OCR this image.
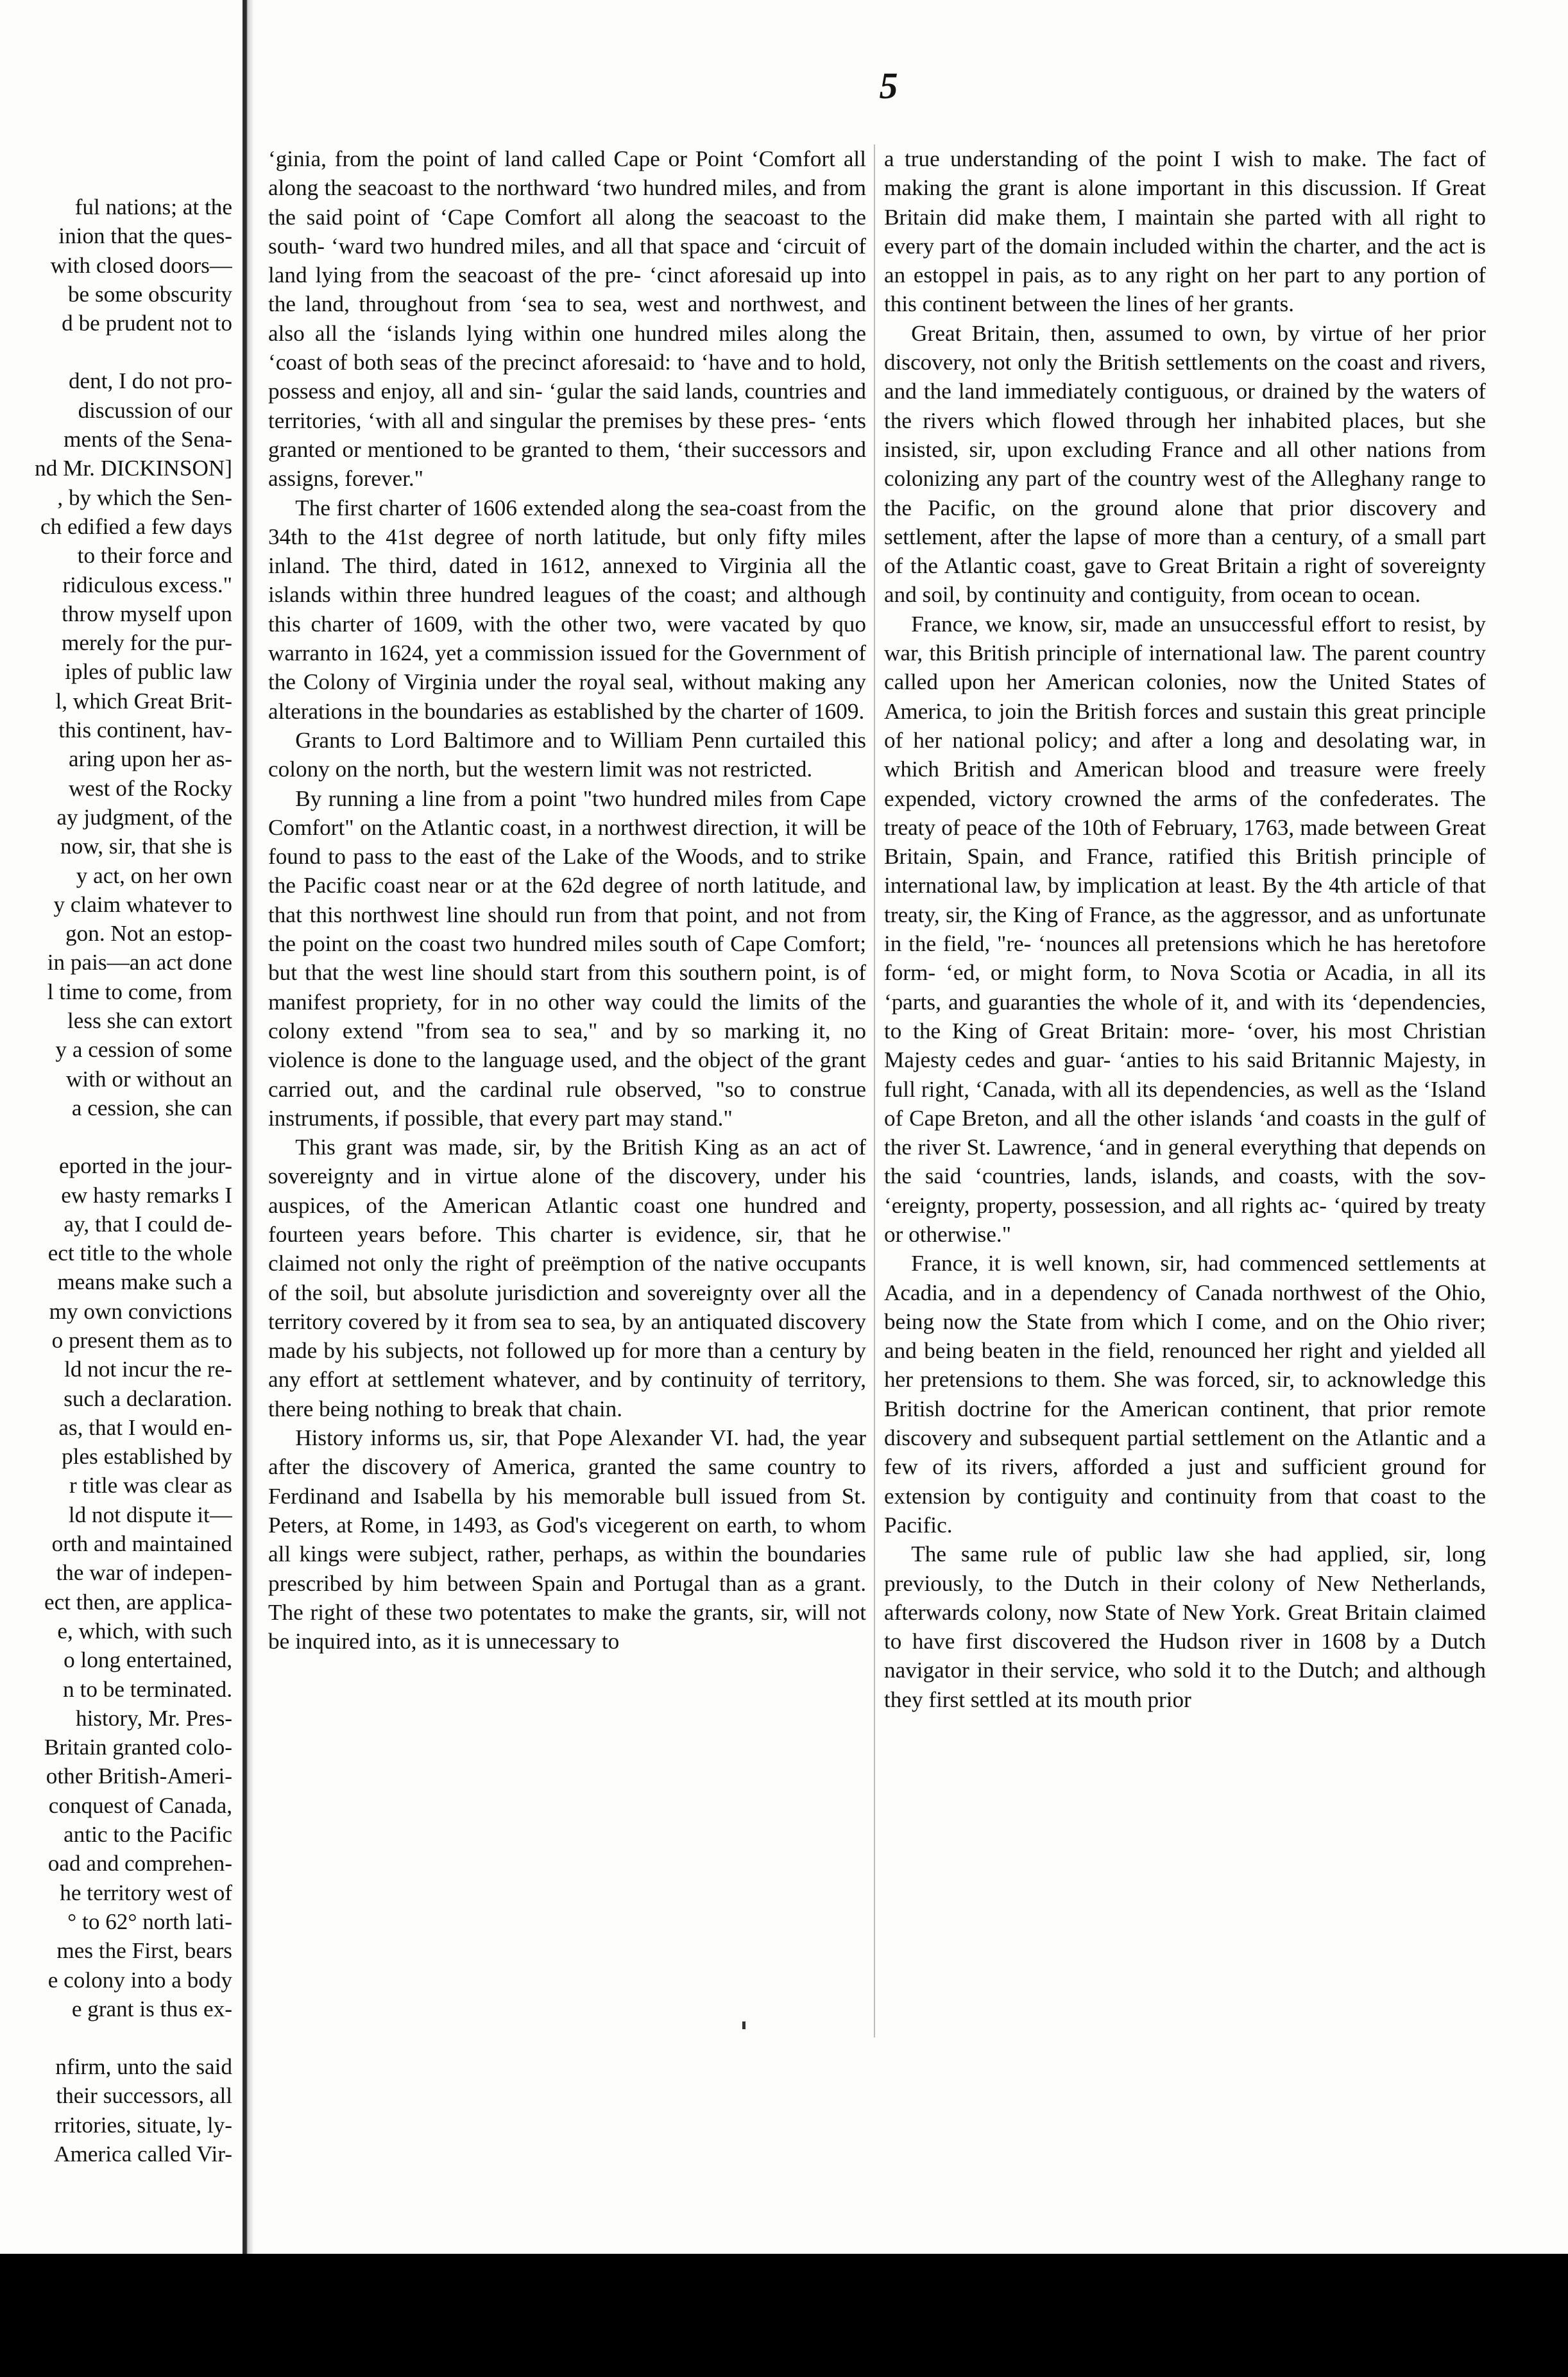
5
ful nations; at the
inion that the ques-
with closed doors—
be some obscurity
d be prudent not to
dent, I do not pro-
discussion of our
ments of the Sena-
nd Mr. DICKINSON]
, by which the Sen-
ch edified a few days
to their force and
ridiculous excess."
throw myself upon
merely for the pur-
iples of public law
l, which Great Brit-
this continent, hav-
aring upon her as-
west of the Rocky
ay judgment, of the
now, sir, that she is
y act, on her own
y claim whatever to
gon. Not an estop-
in pais—an act done
l time to come, from
less she can extort
y a cession of some
with or without an
a cession, she can
eported in the jour-
ew hasty remarks I
ay, that I could de-
ect title to the whole
means make such a
my own convictions
o present them as to
ld not incur the re-
such a declaration.
as, that I would en-
ples established by
r title was clear as
ld not dispute it—
orth and maintained
the war of indepen-
ect then, are applica-
e, which, with such
o long entertained,
n to be terminated.
history, Mr. Pres-
Britain granted colo-
other British-Ameri-
conquest of Canada,
antic to the Pacific
oad and comprehen-
he territory west of
° to 62° north lati-
mes the First, bears
e colony into a body
e grant is thus ex-
nfirm, unto the said
their successors, all
rritories, situate, ly-
America called Vir-

‘ginia, from the point of land called Cape or Point ‘Comfort all along the seacoast to the northward ‘two hundred miles, and from the said point of ‘Cape Comfort all along the seacoast to the south- ‘ward two hundred miles, and all that space and ‘circuit of land lying from the seacoast of the pre- ‘cinct aforesaid up into the land, throughout from ‘sea to sea, west and northwest, and also all the ‘islands lying within one hundred miles along the ‘coast of both seas of the precinct aforesaid: to ‘have and to hold, possess and enjoy, all and sin- ‘gular the said lands, countries and territories, ‘with all and singular the premises by these pres- ‘ents granted or mentioned to be granted to them, ‘their successors and assigns, forever."

The first charter of 1606 extended along the sea-coast from the 34th to the 41st degree of north latitude, but only fifty miles inland. The third, dated in 1612, annexed to Virginia all the islands within three hundred leagues of the coast; and although this charter of 1609, with the other two, were vacated by quo warranto in 1624, yet a commission issued for the Government of the Colony of Virginia under the royal seal, without making any alterations in the boundaries as established by the charter of 1609.

Grants to Lord Baltimore and to William Penn curtailed this colony on the north, but the western limit was not restricted.

By running a line from a point "two hundred miles from Cape Comfort" on the Atlantic coast, in a northwest direction, it will be found to pass to the east of the Lake of the Woods, and to strike the Pacific coast near or at the 62d degree of north latitude, and that this northwest line should run from that point, and not from the point on the coast two hundred miles south of Cape Comfort; but that the west line should start from this southern point, is of manifest propriety, for in no other way could the limits of the colony extend "from sea to sea," and by so marking it, no violence is done to the language used, and the object of the grant carried out, and the cardinal rule observed, "so to construe instruments, if possible, that every part may stand."

This grant was made, sir, by the British King as an act of sovereignty and in virtue alone of the discovery, under his auspices, of the American Atlantic coast one hundred and fourteen years before. This charter is evidence, sir, that he claimed not only the right of preëmption of the native occupants of the soil, but absolute jurisdiction and sovereignty over all the territory covered by it from sea to sea, by an antiquated discovery made by his subjects, not followed up for more than a century by any effort at settlement whatever, and by continuity of territory, there being nothing to break that chain.

History informs us, sir, that Pope Alexander VI. had, the year after the discovery of America, granted the same country to Ferdinand and Isabella by his memorable bull issued from St. Peters, at Rome, in 1493, as God's vicegerent on earth, to whom all kings were subject, rather, perhaps, as within the boundaries prescribed by him between Spain and Portugal than as a grant. The right of these two potentates to make the grants, sir, will not be inquired into, as it is unnecessary to

a true understanding of the point I wish to make. The fact of making the grant is alone important in this discussion. If Great Britain did make them, I maintain she parted with all right to every part of the domain included within the charter, and the act is an estoppel in pais, as to any right on her part to any portion of this continent between the lines of her grants.

Great Britain, then, assumed to own, by virtue of her prior discovery, not only the British settlements on the coast and rivers, and the land immediately contiguous, or drained by the waters of the rivers which flowed through her inhabited places, but she insisted, sir, upon excluding France and all other nations from colonizing any part of the country west of the Alleghany range to the Pacific, on the ground alone that prior discovery and settlement, after the lapse of more than a century, of a small part of the Atlantic coast, gave to Great Britain a right of sovereignty and soil, by continuity and contiguity, from ocean to ocean.

France, we know, sir, made an unsuccessful effort to resist, by war, this British principle of international law. The parent country called upon her American colonies, now the United States of America, to join the British forces and sustain this great principle of her national policy; and after a long and desolating war, in which British and American blood and treasure were freely expended, victory crowned the arms of the confederates. The treaty of peace of the 10th of February, 1763, made between Great Britain, Spain, and France, ratified this British principle of international law, by implication at least. By the 4th article of that treaty, sir, the King of France, as the aggressor, and as unfortunate in the field, "re- ‘nounces all pretensions which he has heretofore form- ‘ed, or might form, to Nova Scotia or Acadia, in all its ‘parts, and guaranties the whole of it, and with its ‘dependencies, to the King of Great Britain: more- ‘over, his most Christian Majesty cedes and guar- ‘anties to his said Britannic Majesty, in full right, ‘Canada, with all its dependencies, as well as the ‘Island of Cape Breton, and all the other islands ‘and coasts in the gulf of the river St. Lawrence, ‘and in general everything that depends on the said ‘countries, lands, islands, and coasts, with the sov- ‘ereignty, property, possession, and all rights ac- ‘quired by treaty or otherwise."

France, it is well known, sir, had commenced settlements at Acadia, and in a dependency of Canada northwest of the Ohio, being now the State from which I come, and on the Ohio river; and being beaten in the field, renounced her right and yielded all her pretensions to them. She was forced, sir, to acknowledge this British doctrine for the American continent, that prior remote discovery and subsequent partial settlement on the Atlantic and a few of its rivers, afforded a just and sufficient ground for extension by contiguity and continuity from that coast to the Pacific.

The same rule of public law she had applied, sir, long previously, to the Dutch in their colony of New Netherlands, afterwards colony, now State of New York. Great Britain claimed to have first discovered the Hudson river in 1608 by a Dutch navigator in their service, who sold it to the Dutch; and although they first settled at its mouth prior
